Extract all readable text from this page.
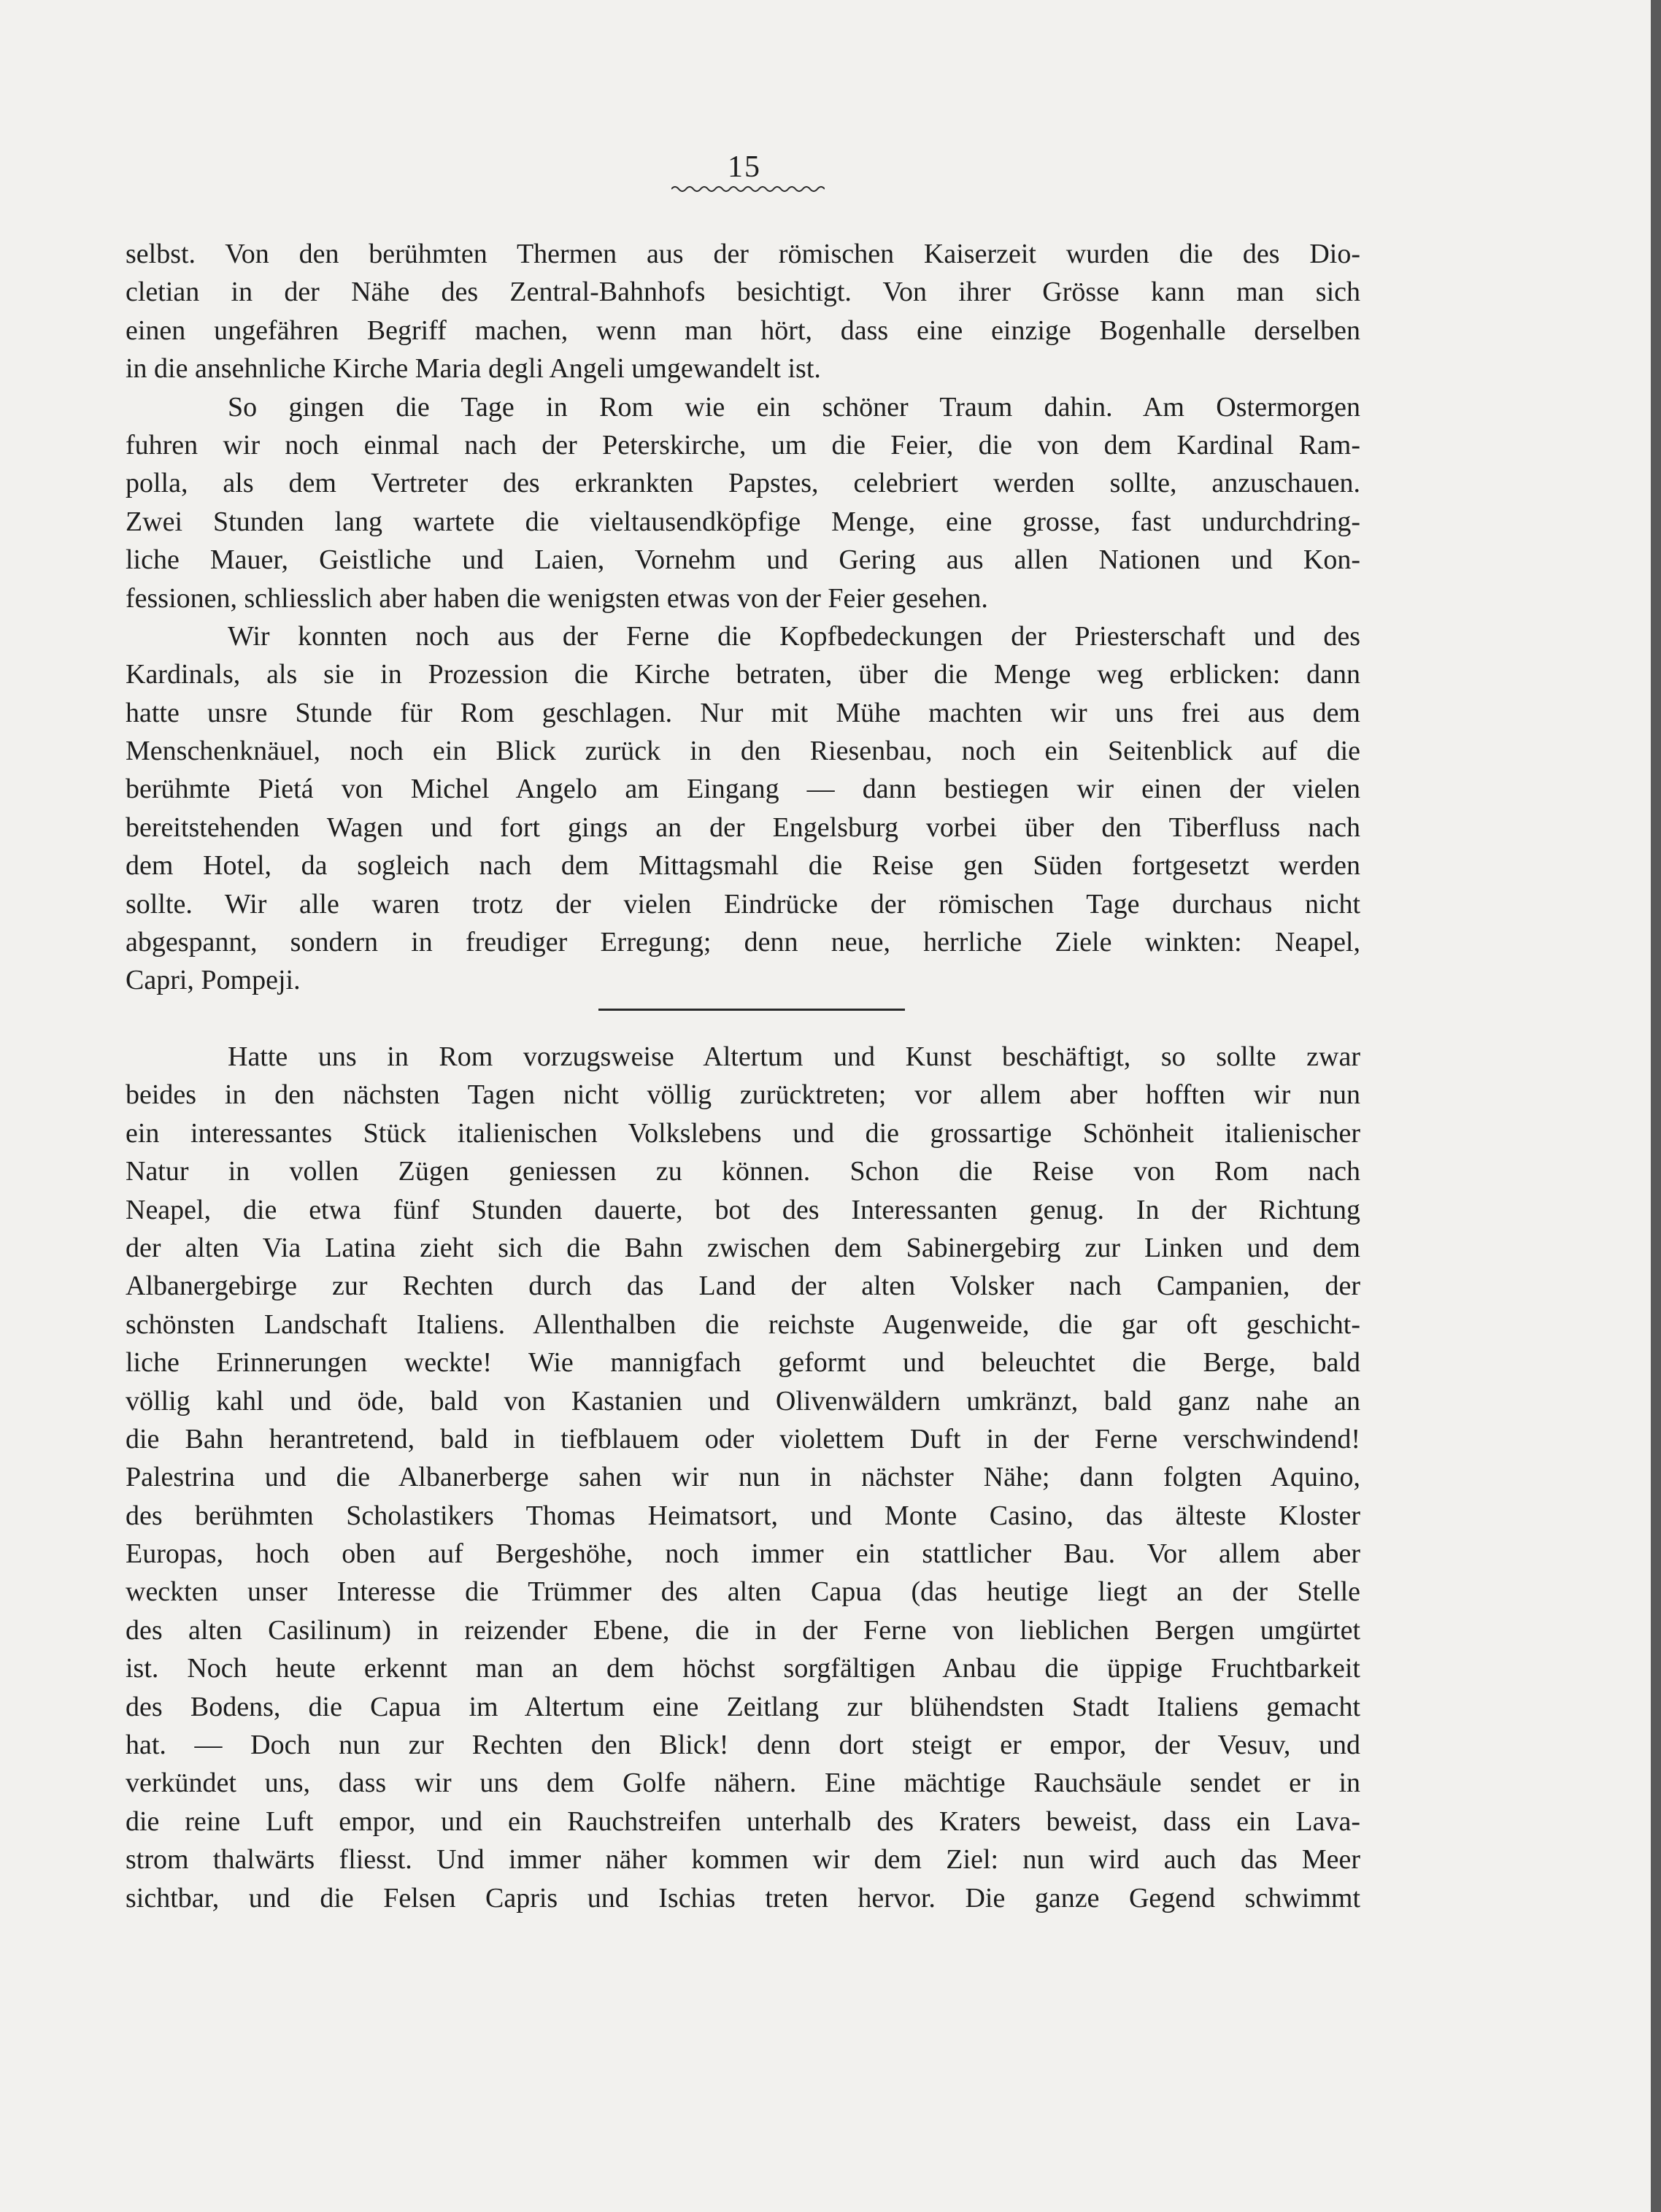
15
selbst. Von den berühmten Thermen aus der römischen Kaiserzeit wurden die des Dio-
cletian in der Nähe des Zentral-Bahnhofs besichtigt. Von ihrer Grösse kann man sich
einen ungefähren Begriff machen, wenn man hört, dass eine einzige Bogenhalle derselben
in die ansehnliche Kirche Maria degli Angeli umgewandelt ist.
So gingen die Tage in Rom wie ein schöner Traum dahin. Am Ostermorgen
fuhren wir noch einmal nach der Peterskirche, um die Feier, die von dem Kardinal Ram-
polla, als dem Vertreter des erkrankten Papstes, celebriert werden sollte, anzuschauen.
Zwei Stunden lang wartete die vieltausendköpfige Menge, eine grosse, fast undurchdring-
liche Mauer, Geistliche und Laien, Vornehm und Gering aus allen Nationen und Kon-
fessionen, schliesslich aber haben die wenigsten etwas von der Feier gesehen.
Wir konnten noch aus der Ferne die Kopfbedeckungen der Priesterschaft und des
Kardinals, als sie in Prozession die Kirche betraten, über die Menge weg erblicken: dann
hatte unsre Stunde für Rom geschlagen. Nur mit Mühe machten wir uns frei aus dem
Menschenknäuel, noch ein Blick zurück in den Riesenbau, noch ein Seitenblick auf die
berühmte Pietá von Michel Angelo am Eingang — dann bestiegen wir einen der vielen
bereitstehenden Wagen und fort gings an der Engelsburg vorbei über den Tiberfluss nach
dem Hotel, da sogleich nach dem Mittagsmahl die Reise gen Süden fortgesetzt werden
sollte. Wir alle waren trotz der vielen Eindrücke der römischen Tage durchaus nicht
abgespannt, sondern in freudiger Erregung; denn neue, herrliche Ziele winkten: Neapel,
Capri, Pompeji.
Hatte uns in Rom vorzugsweise Altertum und Kunst beschäftigt, so sollte zwar
beides in den nächsten Tagen nicht völlig zurücktreten; vor allem aber hofften wir nun
ein interessantes Stück italienischen Volkslebens und die grossartige Schönheit italienischer
Natur in vollen Zügen geniessen zu können. Schon die Reise von Rom nach
Neapel, die etwa fünf Stunden dauerte, bot des Interessanten genug. In der Richtung
der alten Via Latina zieht sich die Bahn zwischen dem Sabinergebirg zur Linken und dem
Albanergebirge zur Rechten durch das Land der alten Volsker nach Campanien, der
schönsten Landschaft Italiens. Allenthalben die reichste Augenweide, die gar oft geschicht-
liche Erinnerungen weckte! Wie mannigfach geformt und beleuchtet die Berge, bald
völlig kahl und öde, bald von Kastanien und Olivenwäldern umkränzt, bald ganz nahe an
die Bahn herantretend, bald in tiefblauem oder violettem Duft in der Ferne verschwindend!
Palestrina und die Albanerberge sahen wir nun in nächster Nähe; dann folgten Aquino,
des berühmten Scholastikers Thomas Heimatsort, und Monte Casino, das älteste Kloster
Europas, hoch oben auf Bergeshöhe, noch immer ein stattlicher Bau. Vor allem aber
weckten unser Interesse die Trümmer des alten Capua (das heutige liegt an der Stelle
des alten Casilinum) in reizender Ebene, die in der Ferne von lieblichen Bergen umgürtet
ist. Noch heute erkennt man an dem höchst sorgfältigen Anbau die üppige Fruchtbarkeit
des Bodens, die Capua im Altertum eine Zeitlang zur blühendsten Stadt Italiens gemacht
hat. — Doch nun zur Rechten den Blick! denn dort steigt er empor, der Vesuv, und
verkündet uns, dass wir uns dem Golfe nähern. Eine mächtige Rauchsäule sendet er in
die reine Luft empor, und ein Rauchstreifen unterhalb des Kraters beweist, dass ein Lava-
strom thalwärts fliesst. Und immer näher kommen wir dem Ziel: nun wird auch das Meer
sichtbar, und die Felsen Capris und Ischias treten hervor. Die ganze Gegend schwimmt
